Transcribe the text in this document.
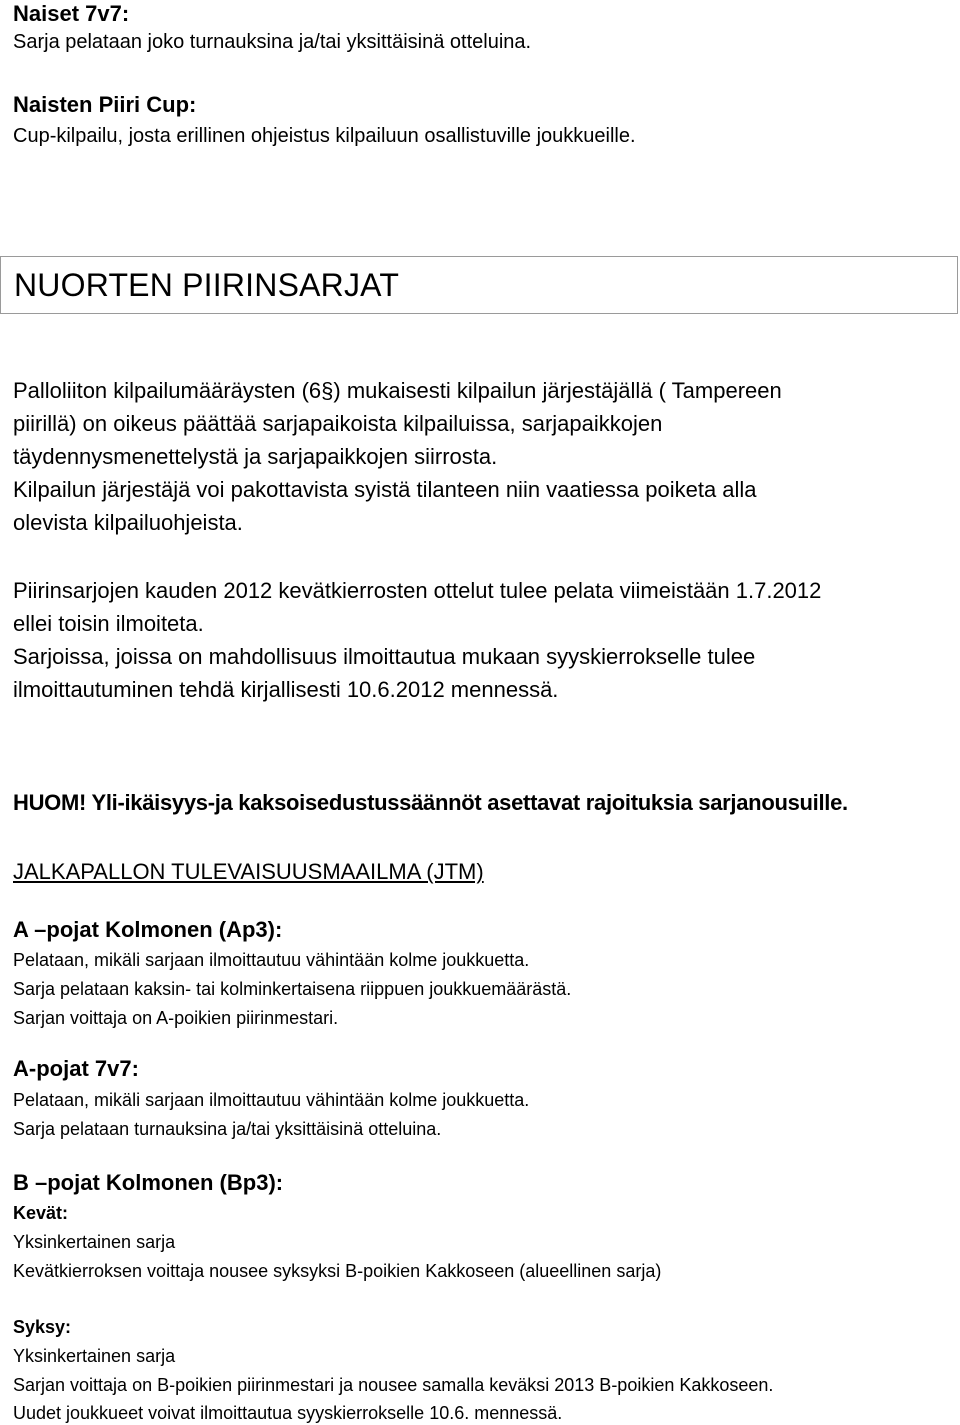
Naiset 7v7:
Sarja pelataan joko turnauksina ja/tai yksittäisinä otteluina.
Naisten Piiri Cup:
Cup-kilpailu, josta erillinen ohjeistus kilpailuun osallistuville joukkueille.
NUORTEN PIIRINSARJAT
Palloliiton kilpailumääräysten (6§) mukaisesti kilpailun järjestäjällä ( Tampereen
piirillä) on oikeus päättää sarjapaikoista kilpailuissa, sarjapaikkojen
täydennysmenettelystä ja sarjapaikkojen siirrosta.
Kilpailun järjestäjä voi pakottavista syistä tilanteen niin vaatiessa poiketa alla
olevista kilpailuohjeista.
Piirinsarjojen kauden 2012 kevätkierrosten ottelut tulee pelata viimeistään 1.7.2012
ellei toisin ilmoiteta.
Sarjoissa, joissa on mahdollisuus ilmoittautua mukaan syyskierrokselle tulee
ilmoittautuminen tehdä kirjallisesti 10.6.2012 mennessä.
HUOM! Yli-ikäisyys-ja kaksoisedustussäännöt asettavat rajoituksia sarjanousuille.
JALKAPALLON TULEVAISUUSMAAILMA (JTM)
A –pojat Kolmonen (Ap3):
Pelataan, mikäli sarjaan ilmoittautuu vähintään kolme joukkuetta.
Sarja pelataan kaksin- tai kolminkertaisena riippuen joukkuemäärästä.
Sarjan voittaja on A-poikien piirinmestari.
A-pojat 7v7:
Pelataan, mikäli sarjaan ilmoittautuu vähintään kolme joukkuetta.
Sarja pelataan turnauksina ja/tai yksittäisinä otteluina.
B –pojat Kolmonen (Bp3):
Kevät:
Yksinkertainen sarja
Kevätkierroksen voittaja nousee syksyksi B-poikien Kakkoseen (alueellinen sarja)
Syksy:
Yksinkertainen sarja
Sarjan voittaja on B-poikien piirinmestari ja nousee samalla keväksi 2013 B-poikien Kakkoseen.
Uudet joukkueet voivat ilmoittautua syyskierrokselle 10.6. mennessä.
